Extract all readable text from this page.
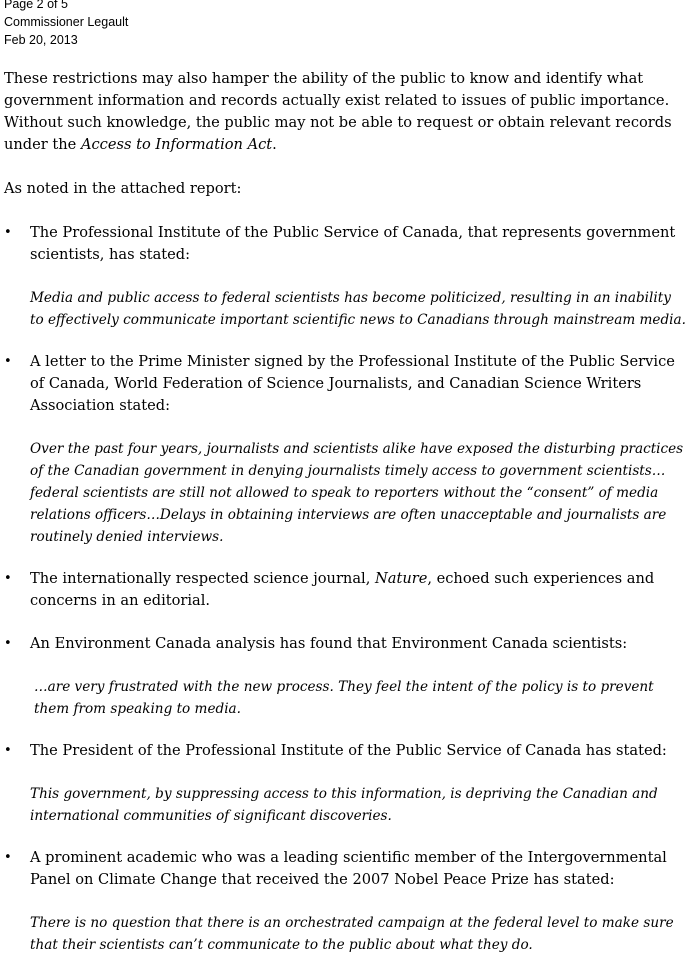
Page 2 of 5
Commissioner Legault
Feb 20, 2013

These restrictions may also hamper the ability of the public to know and identify what government information and records actually exist related to issues of public importance. Without such knowledge, the public may not be able to request or obtain relevant records under the Access to Information Act.

As noted in the attached report:

•	The Professional Institute of the Public Service of Canada, that represents government scientists, has stated:

Media and public access to federal scientists has become politicized, resulting in an inability to effectively communicate important scientific news to Canadians through mainstream media.

•	A letter to the Prime Minister signed by the Professional Institute of the Public Service of Canada, World Federation of Science Journalists, and Canadian Science Writers Association stated:

Over the past four years, journalists and scientists alike have exposed the disturbing practices of the Canadian government in denying journalists timely access to government scientists…federal scientists are still not allowed to speak to reporters without the “consent” of media relations officers…Delays in obtaining interviews are often unacceptable and journalists are routinely denied interviews.

•	The internationally respected science journal, Nature, echoed such experiences and concerns in an editorial.

•	An Environment Canada analysis has found that Environment Canada scientists:

…are very frustrated with the new process. They feel the intent of the policy is to prevent them from speaking to media.

•	The President of the Professional Institute of the Public Service of Canada has stated:

This government, by suppressing access to this information, is depriving the Canadian and international communities of significant discoveries.

•	A prominent academic who was a leading scientific member of the Intergovernmental Panel on Climate Change that received the 2007 Nobel Peace Prize has stated:

There is no question that there is an orchestrated campaign at the federal level to make sure that their scientists can’t communicate to the public about what they do.
